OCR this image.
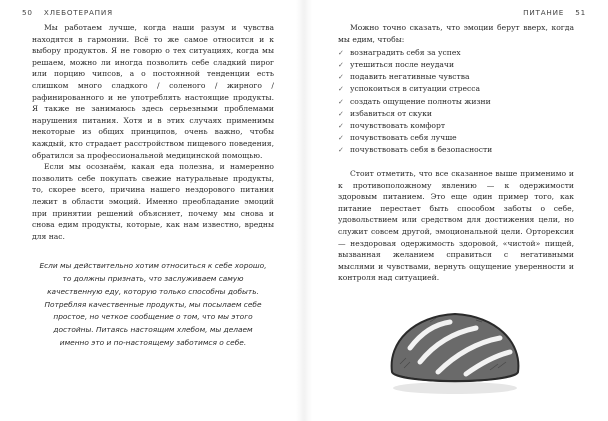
50 ХЛЕБОТЕРАПИЯ

Мы работаем лучше, когда наши разум и чувства находятся в гармонии. Всё то же самое относится и к выбору продуктов. Я не говорю о тех ситуациях, когда мы решаем, можно ли иногда позволить себе сладкий пирог или порцию чипсов, а о постоянной тенденции есть слишком много сладкого / соленого / жирного / рафинированного и не употреблять настоящие продукты. Я также не занимаюсь здесь серьезными проблемами нарушения питания. Хотя и в этих случаях применимы некоторые из общих принципов, очень важно, чтобы каждый, кто страдает расстройством пищевого поведения, обратился за профессиональной медицинской помощью.

Если мы осознаём, какая еда полезна, и намеренно позволить себе покупать свежие натуральные продукты, то, скорее всего, причина нашего нездорового питания лежит в области эмоций. Именно преобладание эмоций при принятии решений объясняет, почему мы снова и снова едим продукты, которые, как нам известно, вредны для нас.

Если мы действительно хотим относиться к себе хорошо, то должны признать, что заслуживаем самую качественную еду, которую только способны добыть. Потребляя качественные продукты, мы посылаем себе простое, но четкое сообщение о том, что мы этого достойны. Питаясь настоящим хлебом, мы делаем именно это и по-настоящему заботимся о себе.
ПИТАНИЕ 51

Можно точно сказать, что эмоции берут вверх, когда мы едим, чтобы:

✓ вознаградить себя за успех
✓ утешиться после неудачи
✓ подавить негативные чувства
✓ успокоиться в ситуации стресса
✓ создать ощущение полноты жизни
✓ избавиться от скуки
✓ почувствовать комфорт
✓ почувствовать себя лучше
✓ почувствовать себя в безопасности

Стоит отметить, что все сказанное выше применимо и к противоположному явлению — к одержимости здоровым питанием. Это еще один пример того, как питание перестает быть способом заботы о себе, удовольствием или средством для достижения цели, но служит совсем другой, эмоциональной цели. Орторексия — нездоровая одержимость здоровой, «чистой» пищей, вызванная желанием справиться с негативными мыслями и чувствами, вернуть ощущение уверенности и контроля над ситуацией.
